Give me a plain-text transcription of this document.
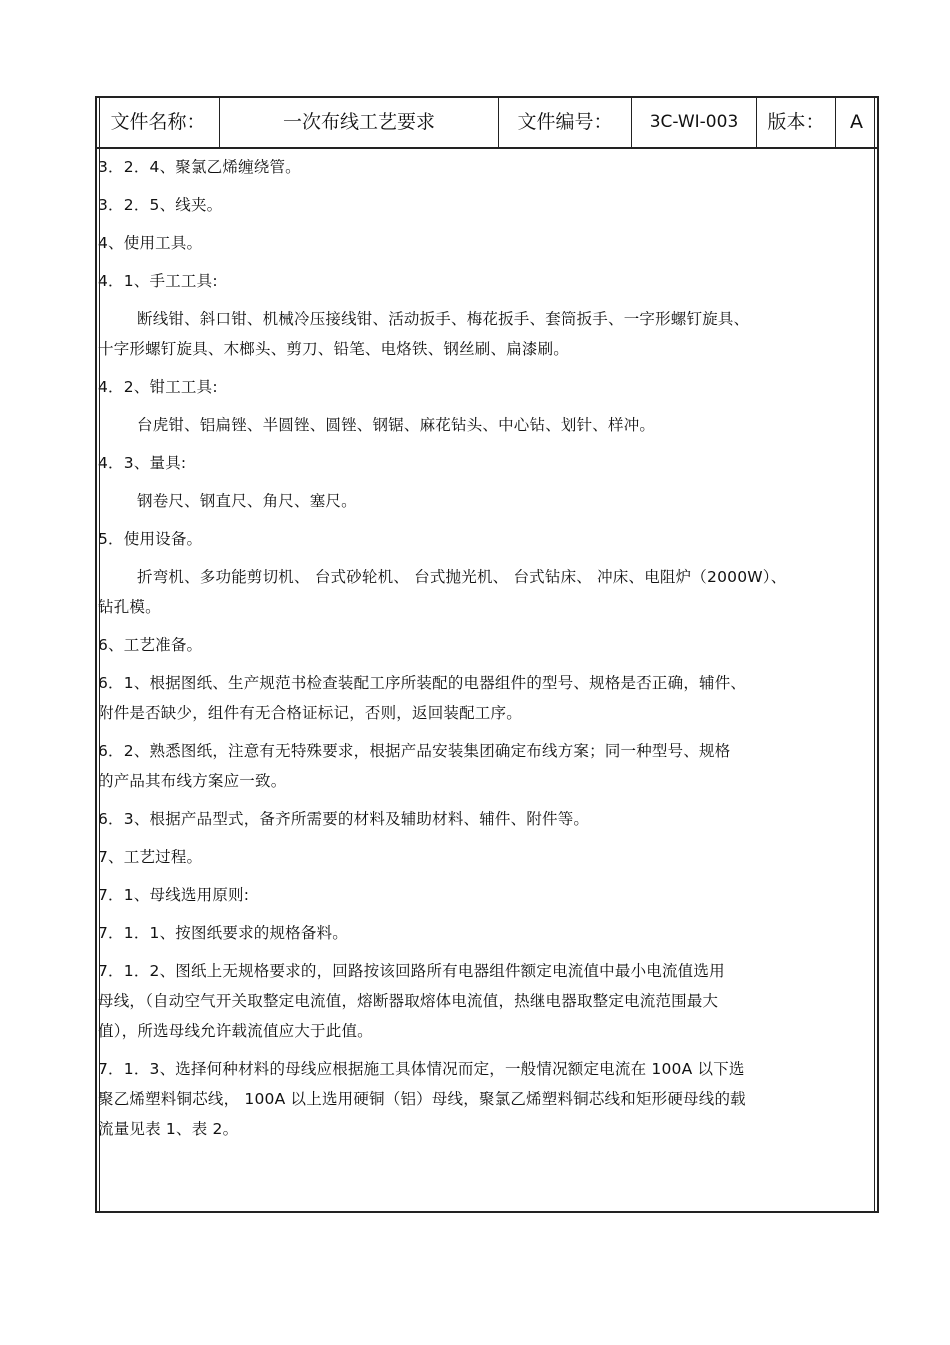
文件名称：	一次布线工艺要求	文件编号：	3C-WI-003	版本：	A
3．2．4、聚氯乙烯缠绕管。
3．2．5、线夹。
4、使用工具。
4．1、手工工具:
断线钳、斜口钳、机械冷压接线钳、活动扳手、梅花扳手、套筒扳手、一字形螺钉旋具、
十字形螺钉旋具、木榔头、剪刀、铅笔、电烙铁、钢丝刷、扁漆刷。
4．2、钳工工具:
台虎钳、铝扁锉、半圆锉、圆锉、钢锯、麻花钻头、中心钻、划针、样冲。
4．3、量具:
钢卷尺、钢直尺、角尺、塞尺。
5．使用设备。
折弯机、多功能剪切机、 台式砂轮机、 台式抛光机、 台式钻床、 冲床、电阻炉（2000W）、
钻孔模。
6、工艺准备。
6．1、根据图纸、生产规范书检查装配工序所装配的电器组件的型号、规格是否正确，辅件、
附件是否缺少，组件有无合格证标记，否则，返回装配工序。
6．2、熟悉图纸，注意有无特殊要求，根据产品安装集团确定布线方案；同一种型号、规格
的产品其布线方案应一致。
6．3、根据产品型式，备齐所需要的材料及辅助材料、辅件、附件等。
7、工艺过程。
7．1、母线选用原则:
7．1．1、按图纸要求的规格备料。
7．1．2、图纸上无规格要求的，回路按该回路所有电器组件额定电流值中最小电流值选用
母线，（自动空气开关取整定电流值，熔断器取熔体电流值，热继电器取整定电流范围最大
值），所选母线允许载流值应大于此值。
7．1．3、选择何种材料的母线应根据施工具体情况而定，一般情况额定电流在 100A 以下选
聚乙烯塑料铜芯线， 100A 以上选用硬铜（铝）母线，聚氯乙烯塑料铜芯线和矩形硬母线的载
流量见表 1、表 2。
